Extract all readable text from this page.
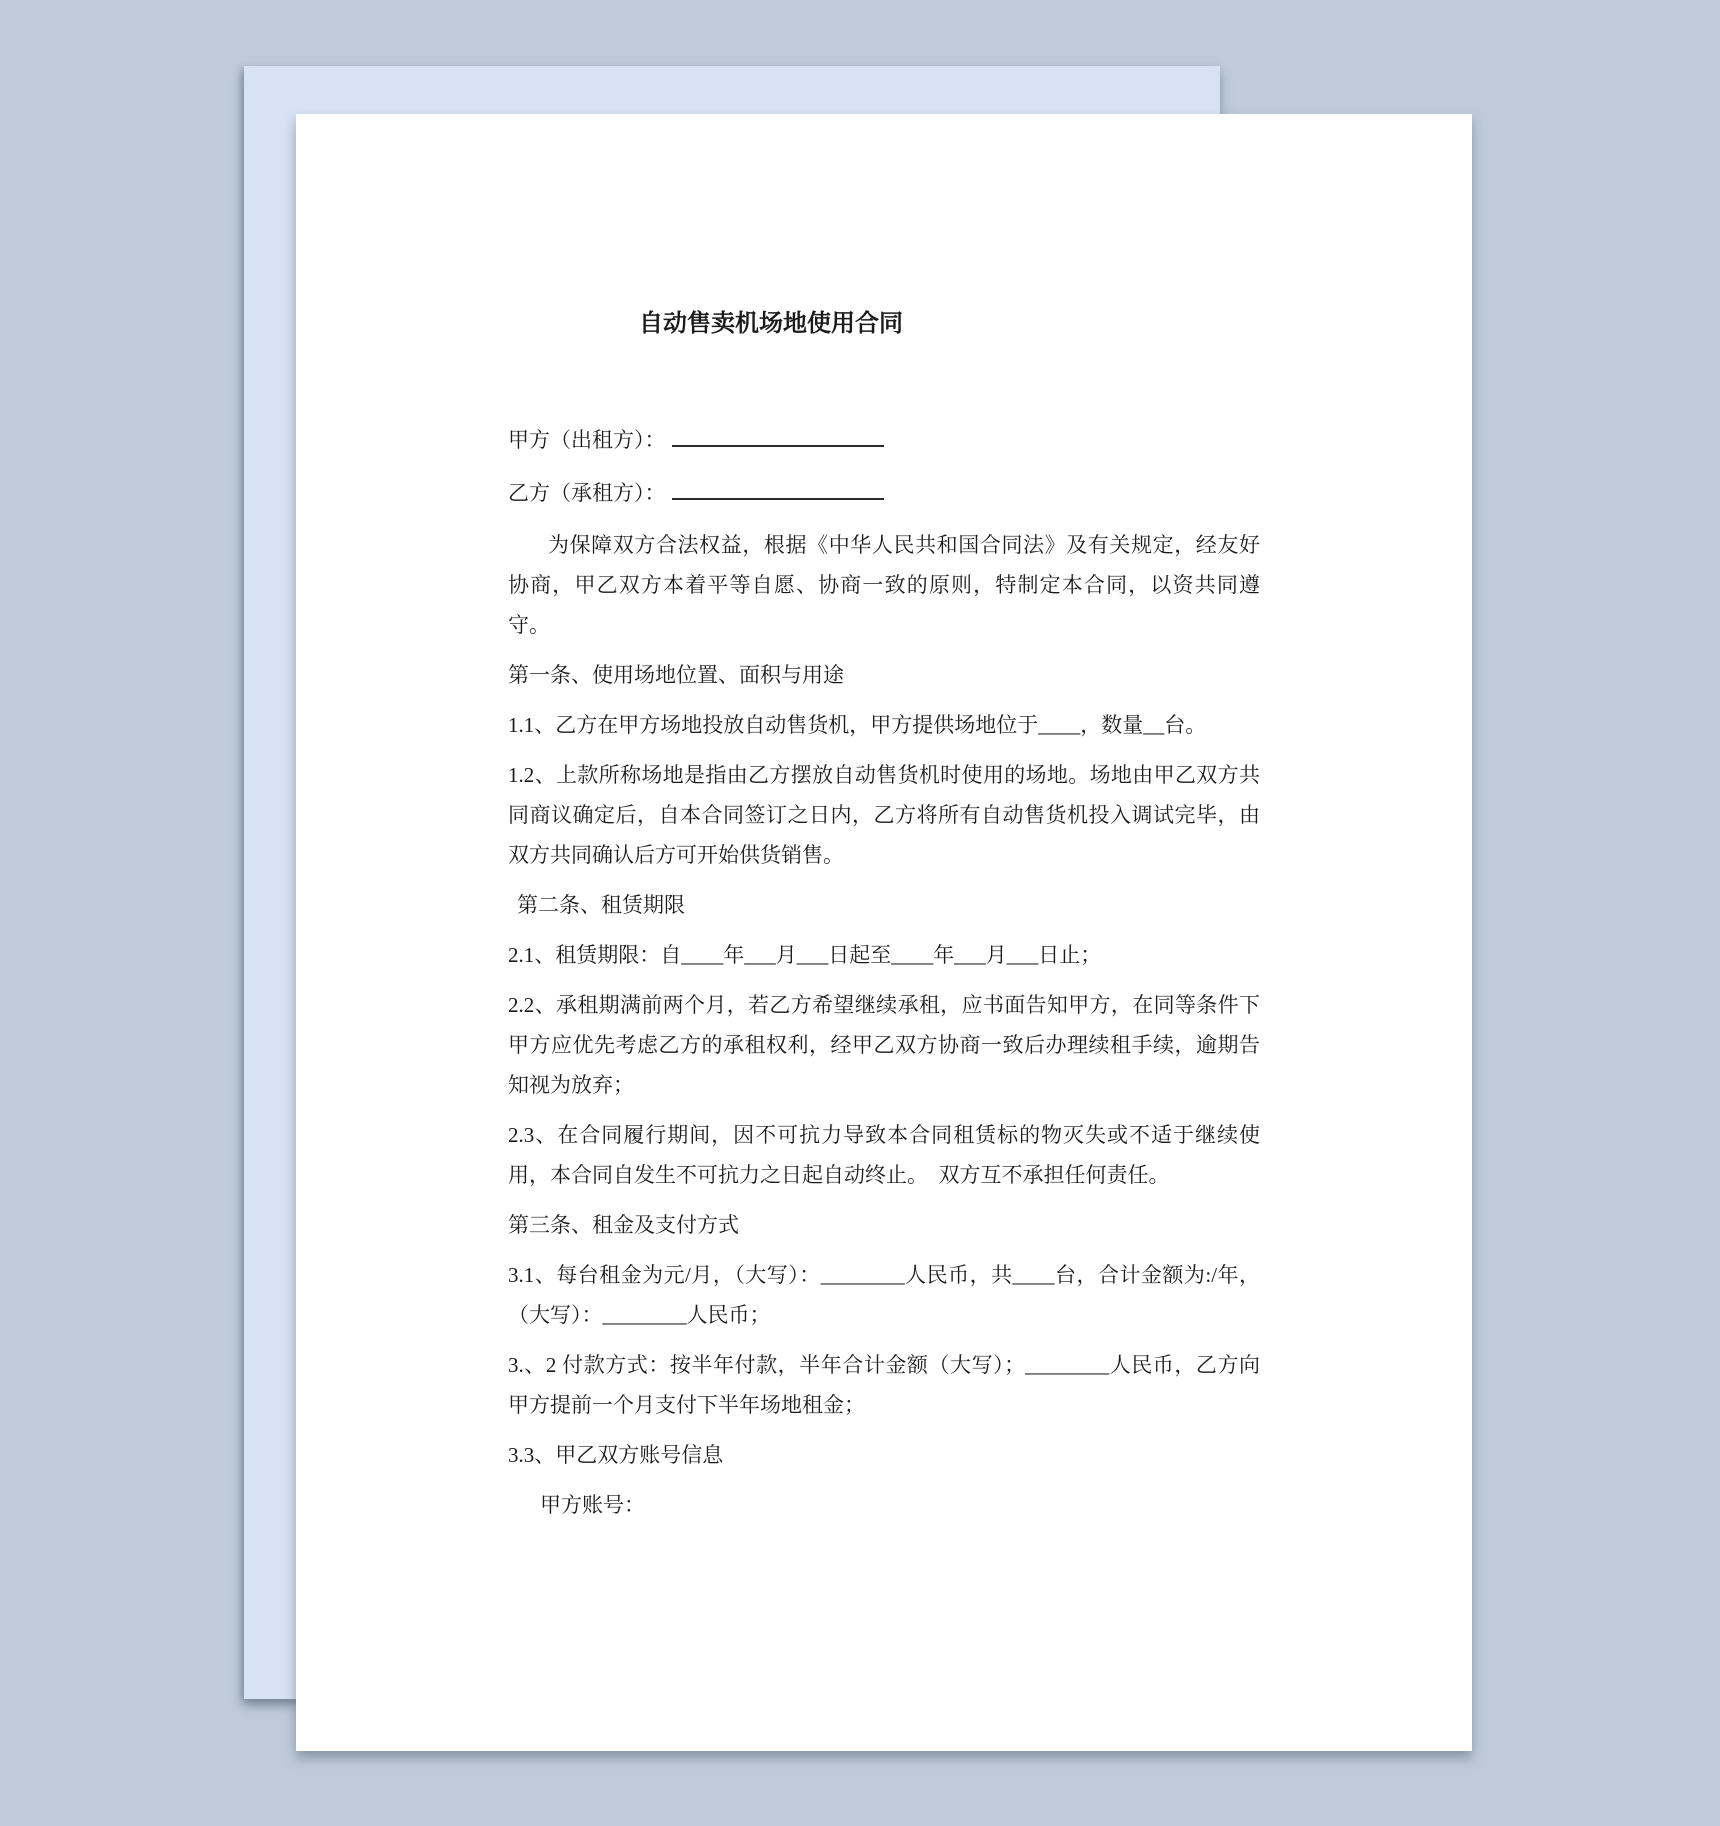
自动售卖机场地使用合同

甲方（出租方）：

乙方（承租方）：

为保障双方合法权益，根据《中华人民共和国合同法》及有关规定，经友好协商，甲乙双方本着平等自愿、协商一致的原则，特制定本合同，以资共同遵守。

第一条、使用场地位置、面积与用途

1.1、乙方在甲方场地投放自动售货机，甲方提供场地位于____，数量__台。

1.2、上款所称场地是指由乙方摆放自动售货机时使用的场地。场地由甲乙双方共同商议确定后，自本合同签订之日内，乙方将所有自动售货机投入调试完毕，由双方共同确认后方可开始供货销售。

第二条、租赁期限

2.1、租赁期限：自____年___月___日起至____年___月___日止；

2.2、承租期满前两个月，若乙方希望继续承租，应书面告知甲方，在同等条件下甲方应优先考虑乙方的承租权利，经甲乙双方协商一致后办理续租手续，逾期告知视为放弃；

2.3、在合同履行期间，因不可抗力导致本合同租赁标的物灭失或不适于继续使用，本合同自发生不可抗力之日起自动终止。　双方互不承担任何责任。

第三条、租金及支付方式

3.1、每台租金为元/月，（大写）：________人民币，共____台，合计金额为:/年，（大写）：________人民币；

3.、2 付款方式：按半年付款，半年合计金额（大写）；________人民币，乙方向甲方提前一个月支付下半年场地租金；

3.3、甲乙双方账号信息

甲方账号：
